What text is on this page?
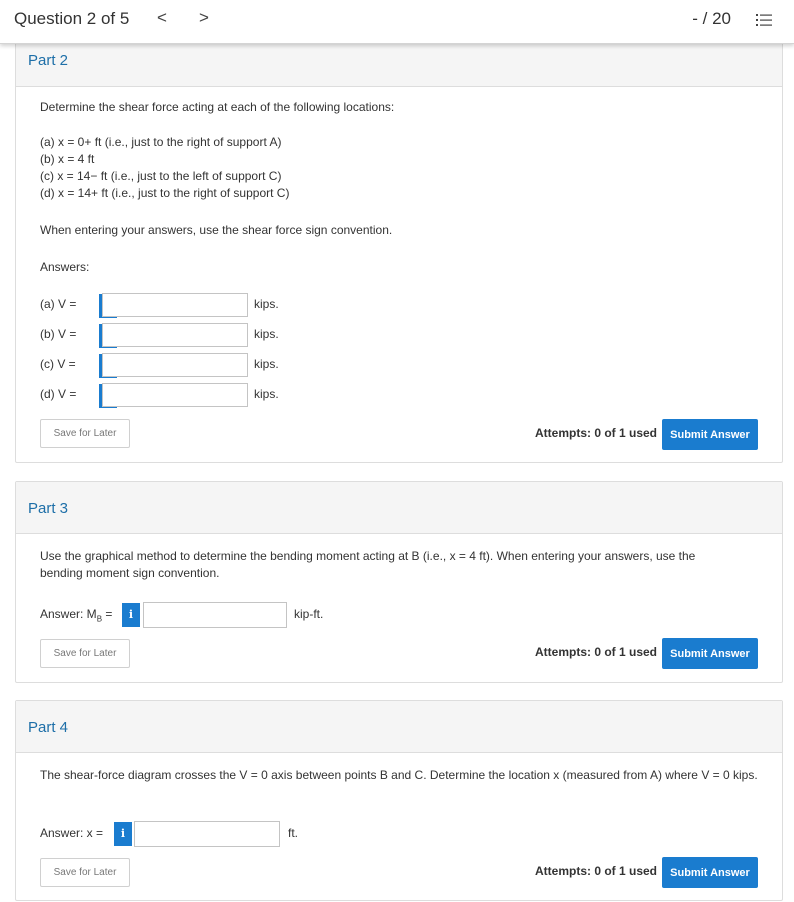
Question 2 of 5 < >	- / 20
Part 2
Determine the shear force acting at each of the following locations:
(a) x = 0+ ft (i.e., just to the right of support A)
(b) x = 4 ft
(c) x = 14− ft (i.e., just to the left of support C)
(d) x = 14+ ft (i.e., just to the right of support C)
When entering your answers, use the shear force sign convention.
Answers:
(a) V =	kips.
(b) V =	kips.
(c) V =	kips.
(d) V =	kips.
Save for Later	Attempts: 0 of 1 used	Submit Answer
Part 3
Use the graphical method to determine the bending moment acting at B (i.e., x = 4 ft). When entering your answers, use the bending moment sign convention.
Answer: $M_B$ =	i	kip-ft.
Save for Later	Attempts: 0 of 1 used	Submit Answer
Part 4
The shear-force diagram crosses the V = 0 axis between points B and C. Determine the location x (measured from A) where V = 0 kips.
Answer: x =	i	ft.
Save for Later	Attempts: 0 of 1 used	Submit Answer
